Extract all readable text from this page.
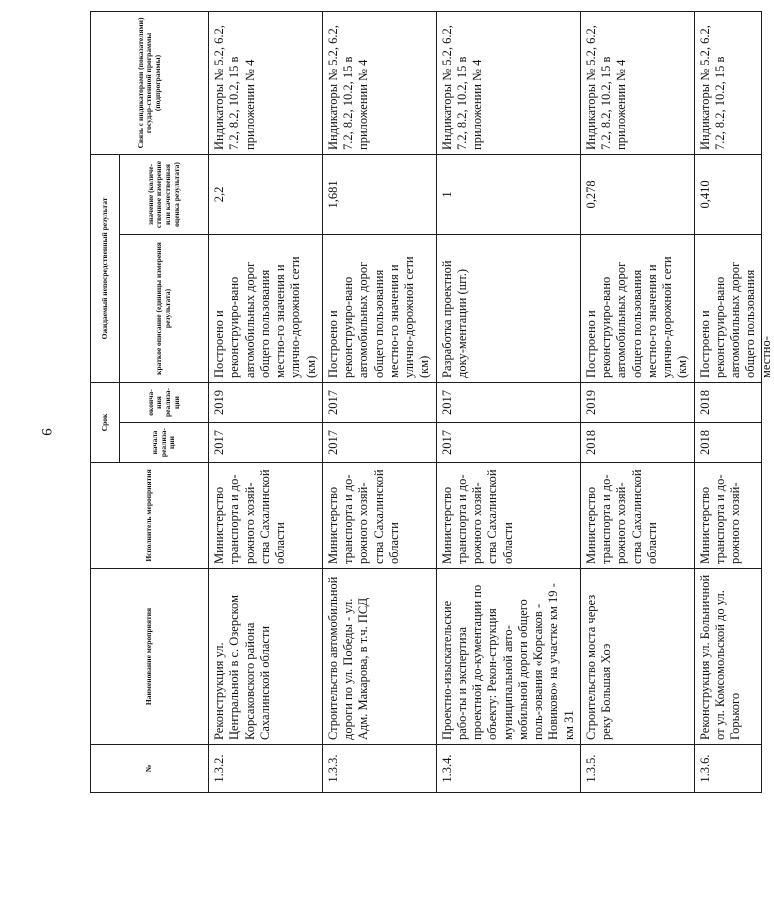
9
№	Наименование мероприятия	Исполнитель мероприятия	Срок		Ожидаемый непосредственный результат		Связь с индикаторами (показателями) государ-ственной программы (подпрограммы)
			начала реализа-ции	оконча-ния реализа-ции	краткое описание (единицы измерения результата)	значение (количе-ственное измерение или качественная оценка результата)	
1.3.2.	Реконструкция ул. Центральной в с. Озерском Корсаковского района Сахалинской области	Министерство транспорта и до-рожного хозяй-ства Сахалинской области	2017	2019	Построено и реконструиро-вано автомобильных дорог общего пользования местно-го значения и улично-дорожной сети (км)	2,2	Индикаторы № 5.2, 6.2, 7.2, 8.2, 10.2, 15 в приложении № 4
1.3.3.	Строительство автомобильной дороги по ул. Победы - ул. Адм. Макарова, в т.ч. ПСД	Министерство транспорта и до-рожного хозяй-ства Сахалинской области	2017	2017	Построено и реконструиро-вано автомобильных дорог общего пользования местно-го значения и улично-дорожной сети (км)	1,681	Индикаторы № 5.2, 6.2, 7.2, 8.2, 10.2, 15 в приложении № 4
1.3.4.	Проектно-изыскательские рабо-ты и экспертиза проектной до-кументации по объекту: Рекон-струкция муниципальной авто-мобильной дороги общего поль-зования «Корсаков - Новиково» на участке км 19 - км 31	Министерство транспорта и до-рожного хозяй-ства Сахалинской области	2017	2017	Разработка проектной доку-ментации (шт.)	1	Индикаторы № 5.2, 6.2, 7.2, 8.2, 10.2, 15 в приложении № 4
1.3.5.	Строительство моста через реку Большая Хоэ	Министерство транспорта и до-рожного хозяй-ства Сахалинской области	2018	2019	Построено и реконструиро-вано автомобильных дорог общего пользования местно-го значения и улично-дорожной сети (км)	0,278	Индикаторы № 5.2, 6.2, 7.2, 8.2, 10.2, 15 в приложении № 4

1.3.6.	Реконструкция ул. Больничной от ул. Комсомольской до ул. Горького	Министерство транспорта и до-рожного хозяй-	2018	2018	Построено и реконструиро-вано автомобильных дорог общего пользования местно-	0,410	Индикаторы № 5.2, 6.2, 7.2, 8.2, 10.2, 15 в
